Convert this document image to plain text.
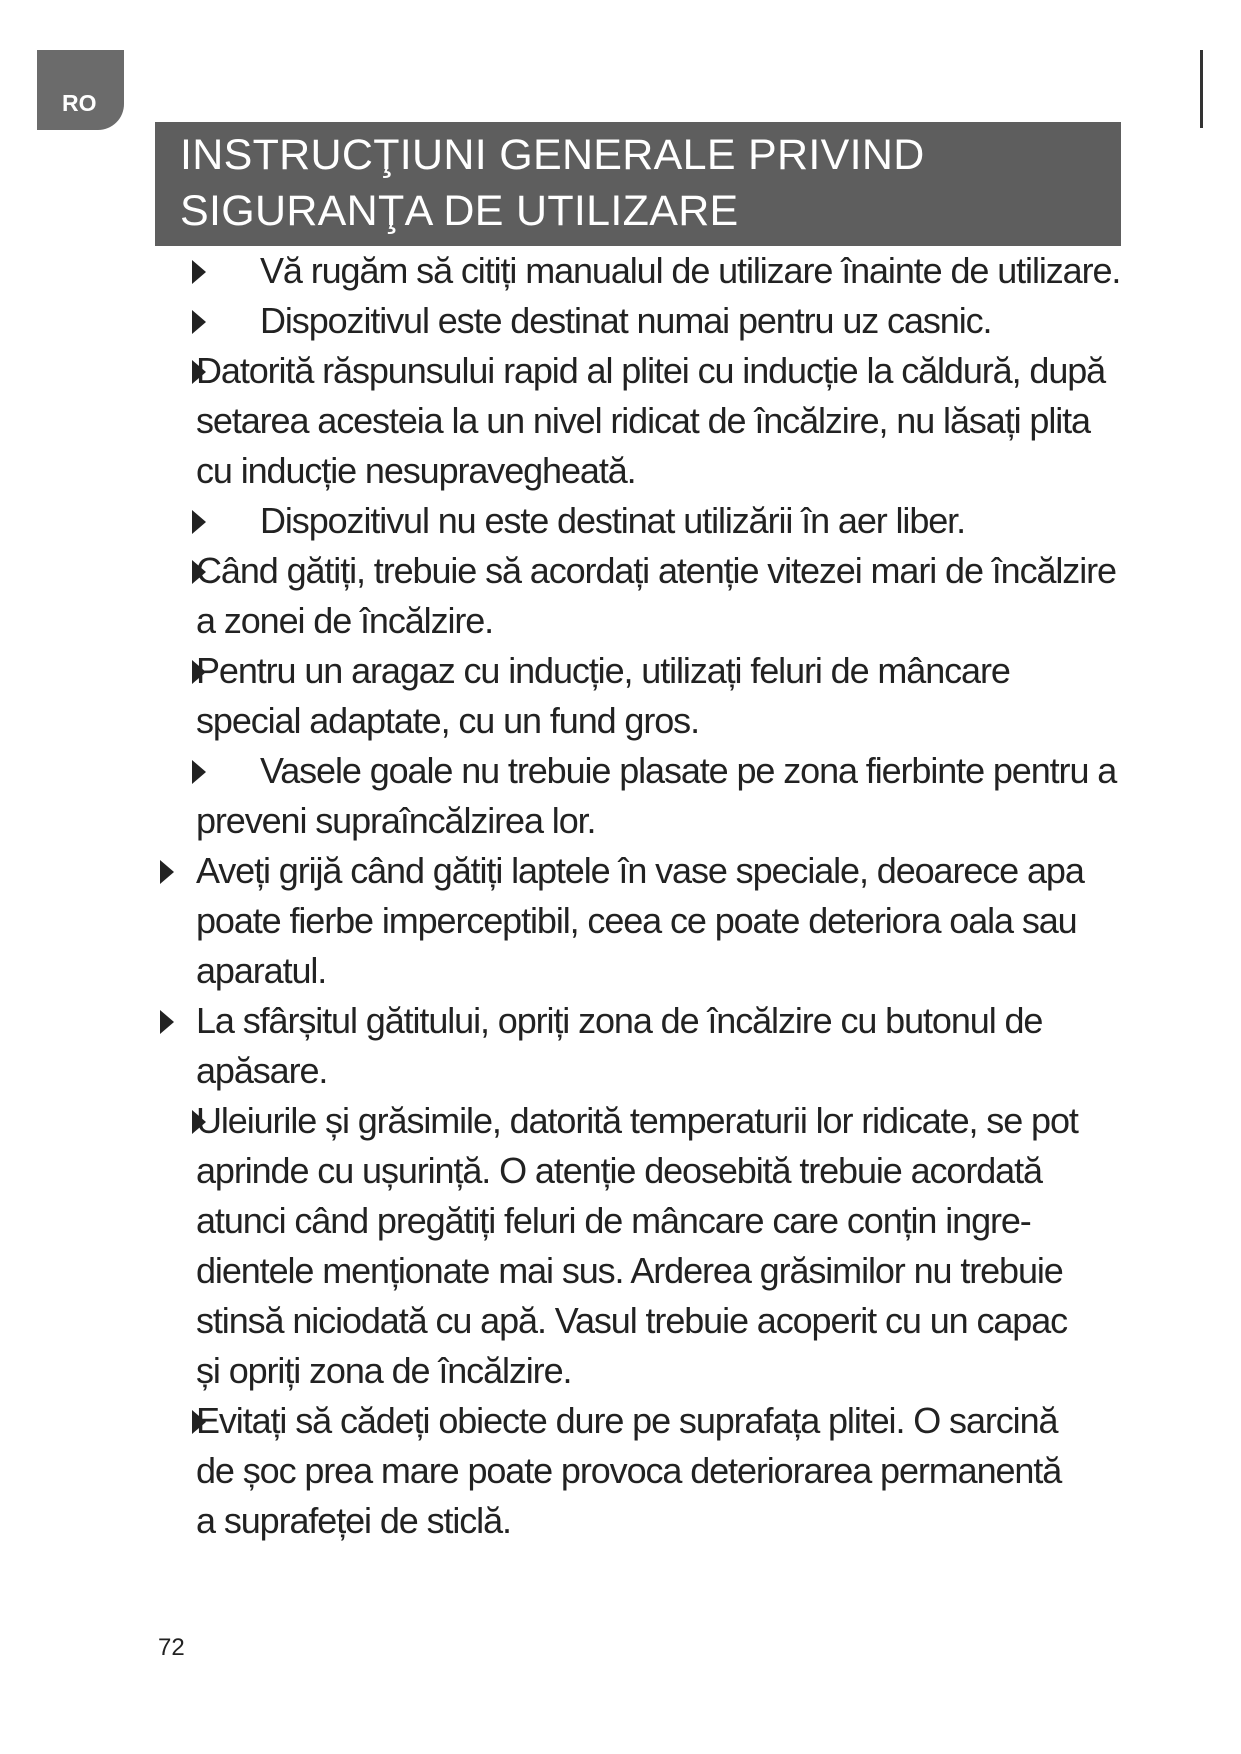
RO
INSTRUCŢIUNI GENERALE PRIVIND
SIGURANŢA DE UTILIZARE
Vă rugăm să citiți manualul de utilizare înainte de utilizare.
Dispozitivul este destinat numai pentru uz casnic.
Datorită răspunsului rapid al plitei cu inducție la căldură, după
setarea acesteia la un nivel ridicat de încălzire, nu lăsați plita
cu inducție nesupravegheată.
Dispozitivul nu este destinat utilizării în aer liber.
Când gătiți, trebuie să acordați atenție vitezei mari de încălzire
a zonei de încălzire.
Pentru un aragaz cu inducție, utilizați feluri de mâncare
special adaptate, cu un fund gros.
Vasele goale nu trebuie plasate pe zona fierbinte pentru a
preveni supraîncălzirea lor.
Aveți grijă când gătiți laptele în vase speciale, deoarece apa
poate fierbe imperceptibil, ceea ce poate deteriora oala sau
aparatul.
La sfârșitul gătitului, opriți zona de încălzire cu butonul de
apăsare.
Uleiurile și grăsimile, datorită temperaturii lor ridicate, se pot
aprinde cu ușurință. O atenție deosebită trebuie acordată
atunci când pregătiți feluri de mâncare care conțin ingre-
dientele menționate mai sus. Arderea grăsimilor nu trebuie
stinsă niciodată cu apă. Vasul trebuie acoperit cu un capac
și opriți zona de încălzire.
Evitați să cădeți obiecte dure pe suprafața plitei. O sarcină
de șoc prea mare poate provoca deteriorarea permanentă
a suprafeței de sticlă.
72
